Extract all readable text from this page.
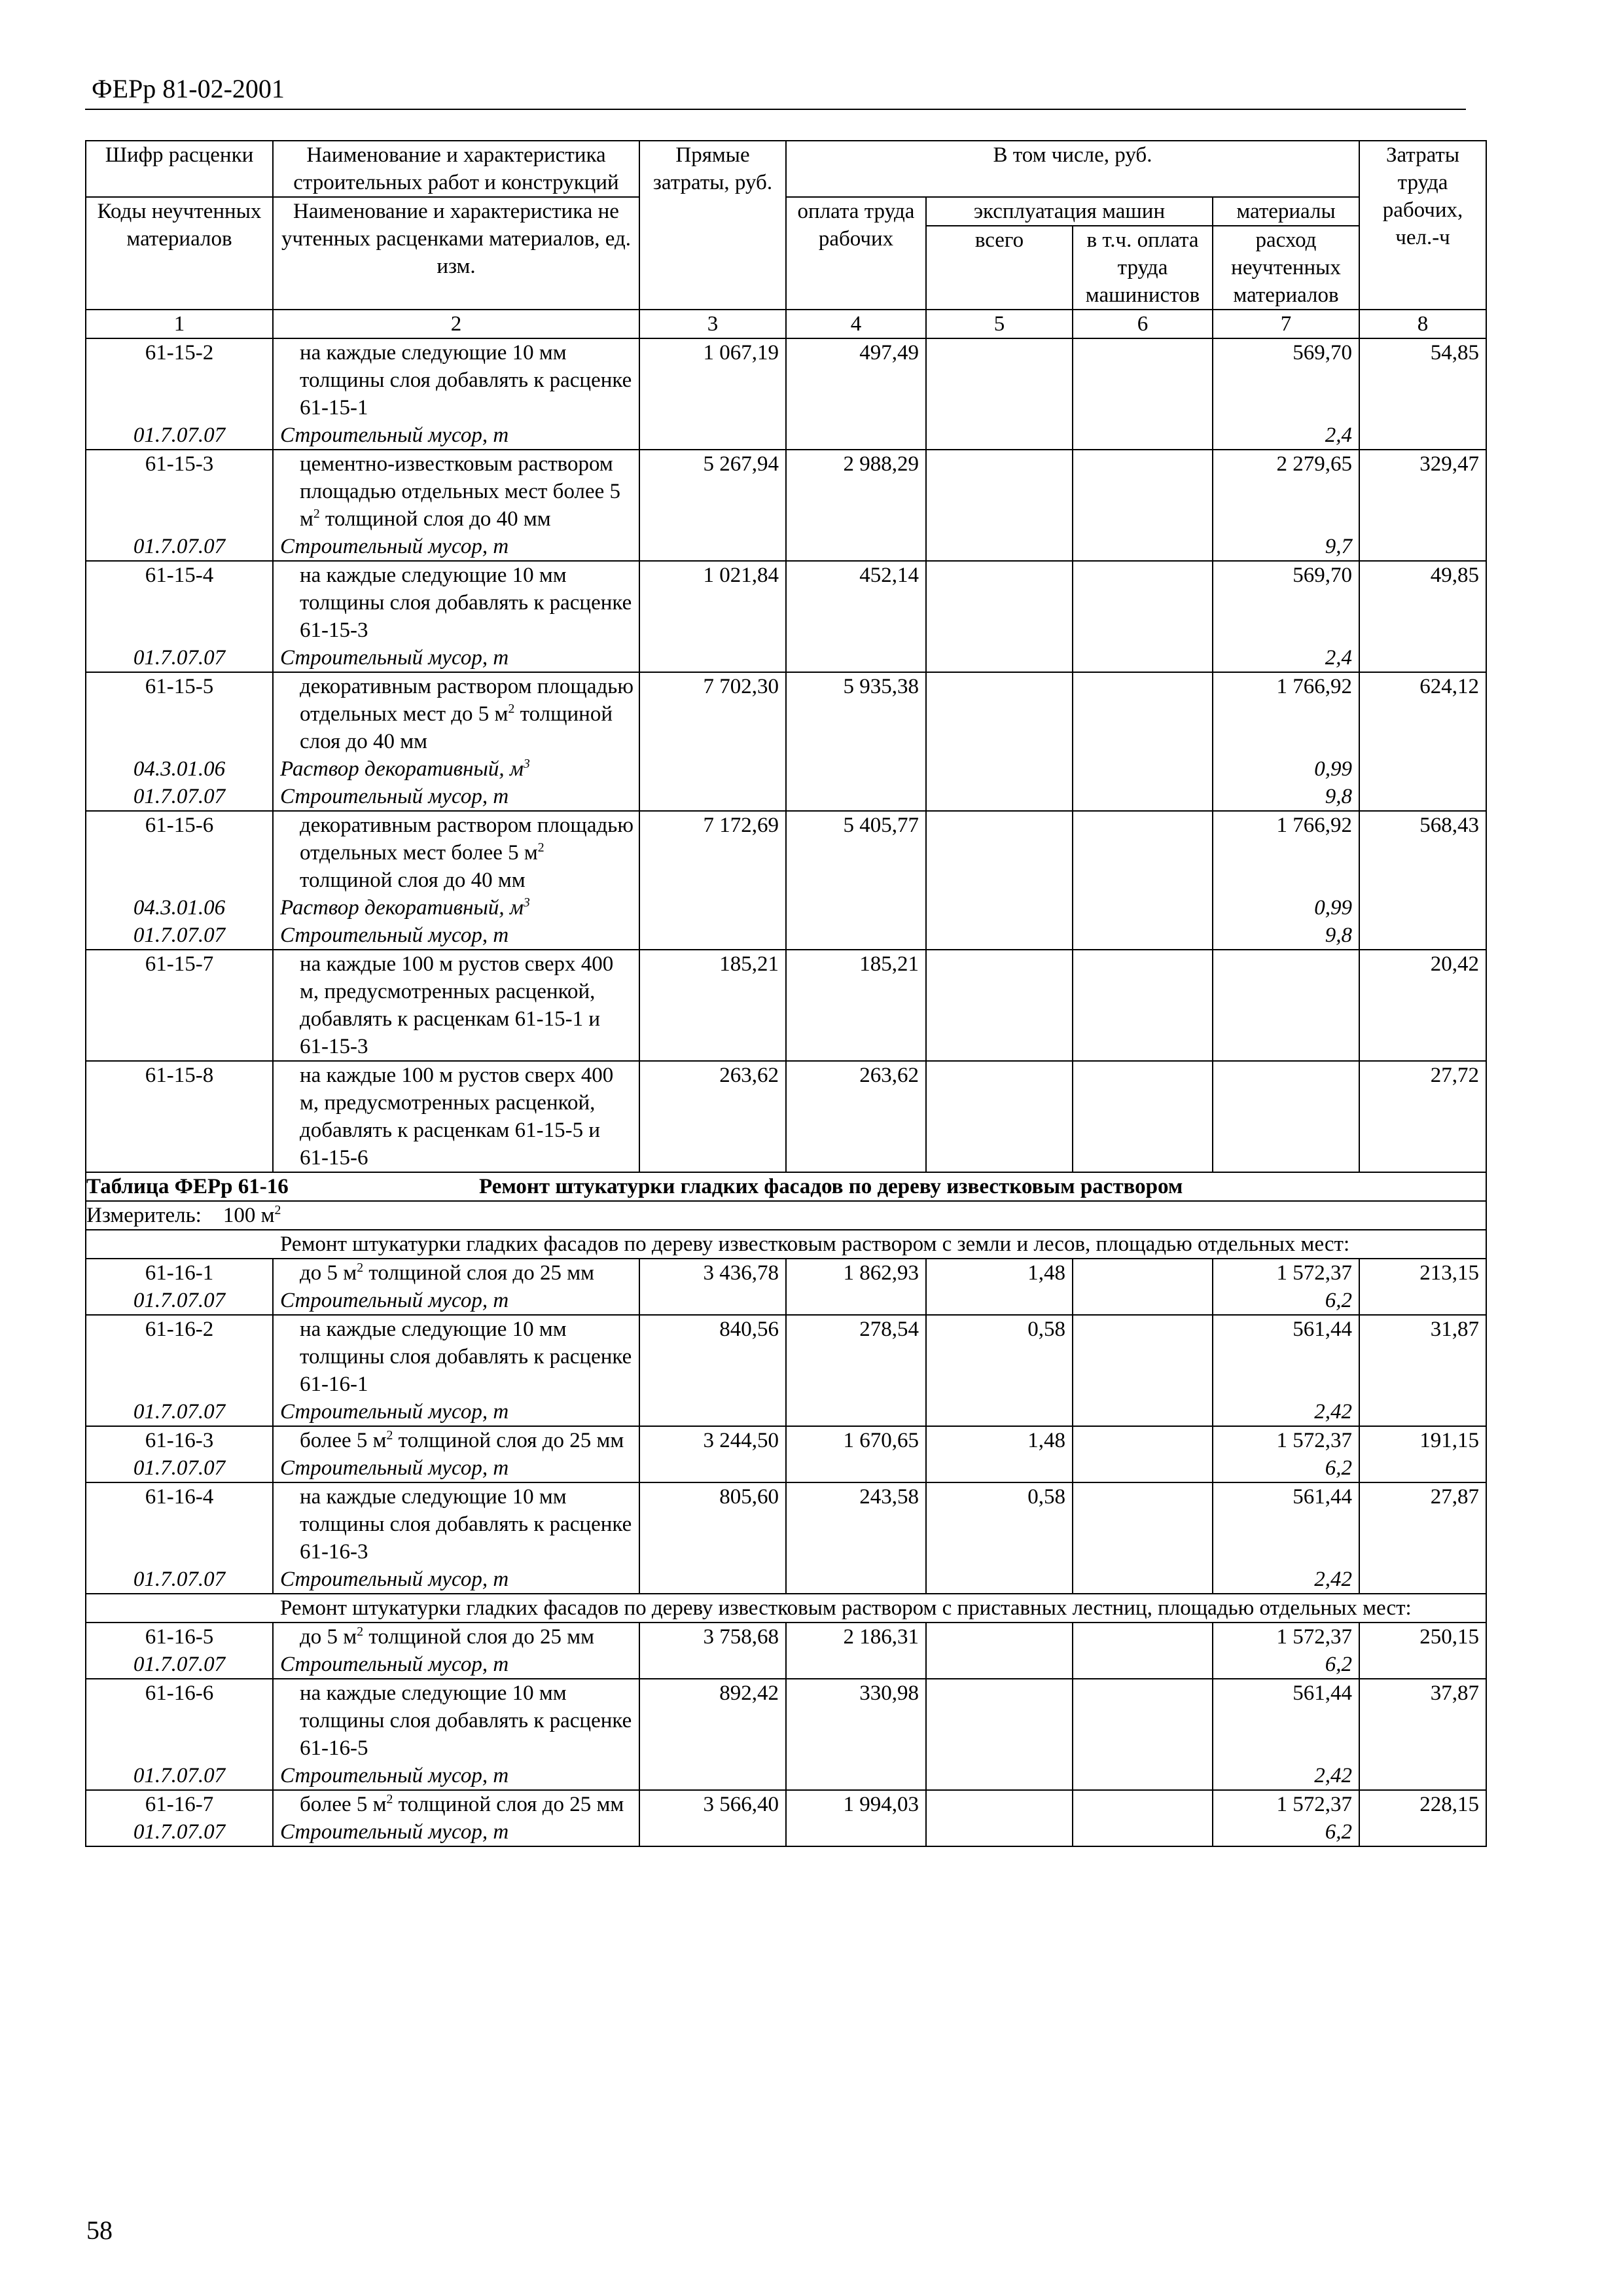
ФЕРр 81-02-2001
Шифр расценки	Наименование и характеристика строительных работ и конструкций	Прямые затраты, руб.	В том числе, руб.				Затраты труда рабочих, чел.-ч
Коды неучтенных материалов	Наименование и характеристика не учтенных расценками материалов, ед. изм.		оплата труда рабочих	эксплуатация машин		материалы	
				всего	в т.ч. оплата труда машинистов	расход неучтенных материалов	

1	2	3	4	5	6	7	8
61-15-2	на каждые следующие 10 мм толщины слоя добавлять к расценке 61-15-1	1 067,19	497,49			569,70	54,85
01.7.07.07	Строительный мусор, т					2,4	
61-15-3	цементно-известковым раствором площадью отдельных мест более 5 $м^2$ толщиной слоя до 40 мм	5 267,94	2 988,29			2 279,65	329,47
01.7.07.07	Строительный мусор, т					9,7	
61-15-4	на каждые следующие 10 мм толщины слоя добавлять к расценке 61-15-3	1 021,84	452,14			569,70	49,85
01.7.07.07	Строительный мусор, т					2,4	
61-15-5	декоративным раствором площадью отдельных мест до 5 $м^2$ толщиной слоя до 40 мм	7 702,30	5 935,38			1 766,92	624,12
04.3.01.06	Раствор декоративный, $м^3$					0,99	
01.7.07.07	Строительный мусор, т					9,8	
61-15-6	декоративным раствором площадью отдельных мест более 5 $м^2$ толщиной слоя до 40 мм	7 172,69	5 405,77			1 766,92	568,43
04.3.01.06	Раствор декоративный, $м^3$					0,99	
01.7.07.07	Строительный мусор, т					9,8	
61-15-7	на каждые 100 м рустов сверх 400 м, предусмотренных расценкой, добавлять к расценкам 61-15-1 и 61-15-3	185,21	185,21				20,42
61-15-8	на каждые 100 м рустов сверх 400 м, предусмотренных расценкой, добавлять к расценкам 61-15-5 и 61-15-6	263,62	263,62				27,72
Таблица ФЕРр 61-16 Ремонт штукатурки гладких фасадов по дереву известковым раствором							
Измеритель: 100 $м^2$
Ремонт штукатурки гладких фасадов по дереву известковым раствором с земли и лесов, площадью отдельных мест:							
61-16-1	до 5 $м^2$ толщиной слоя до 25 мм	3 436,78	1 862,93	1,48		1 572,37	213,15
01.7.07.07	Строительный мусор, т					6,2	
61-16-2	на каждые следующие 10 мм толщины слоя добавлять к расценке 61-16-1	840,56	278,54	0,58		561,44	31,87
01.7.07.07	Строительный мусор, т					2,42	
61-16-3	более 5 $м^2$ толщиной слоя до 25 мм	3 244,50	1 670,65	1,48		1 572,37	191,15
01.7.07.07	Строительный мусор, т					6,2	
61-16-4	на каждые следующие 10 мм толщины слоя добавлять к расценке 61-16-3	805,60	243,58	0,58		561,44	27,87
01.7.07.07	Строительный мусор, т					2,42	
Ремонт штукатурки гладких фасадов по дереву известковым раствором с приставных лестниц, площадью отдельных мест:							
61-16-5	до 5 $м^2$ толщиной слоя до 25 мм	3 758,68	2 186,31			1 572,37	250,15
01.7.07.07	Строительный мусор, т					6,2	
61-16-6	на каждые следующие 10 мм толщины слоя добавлять к расценке 61-16-5	892,42	330,98			561,44	37,87
01.7.07.07	Строительный мусор, т					2,42	
61-16-7	более 5 $м^2$ толщиной слоя до 25 мм	3 566,40	1 994,03			1 572,37	228,15
01.7.07.07	Строительный мусор, т					6,2	
58
